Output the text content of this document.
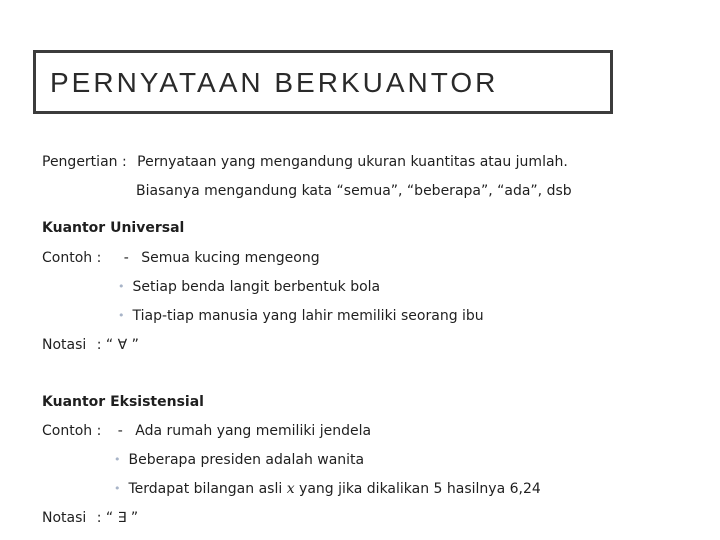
PERNYATAAN BERKUANTOR
Pengertian : Pernyataan yang mengandung ukuran kuantitas atau jumlah.
Biasanya mengandung kata “semua”, “beberapa”, “ada”, dsb
Kuantor Universal
Contoh : - Semua kucing mengeong
• Setiap benda langit berbentuk bola
• Tiap-tiap manusia yang lahir memiliki seorang ibu
Notasi : “ ∀ ”
Kuantor Eksistensial
Contoh : - Ada rumah yang memiliki jendela
• Beberapa presiden adalah wanita
• Terdapat bilangan asli x yang jika dikalikan 5 hasilnya 6,24
Notasi : “ ∃ ”
